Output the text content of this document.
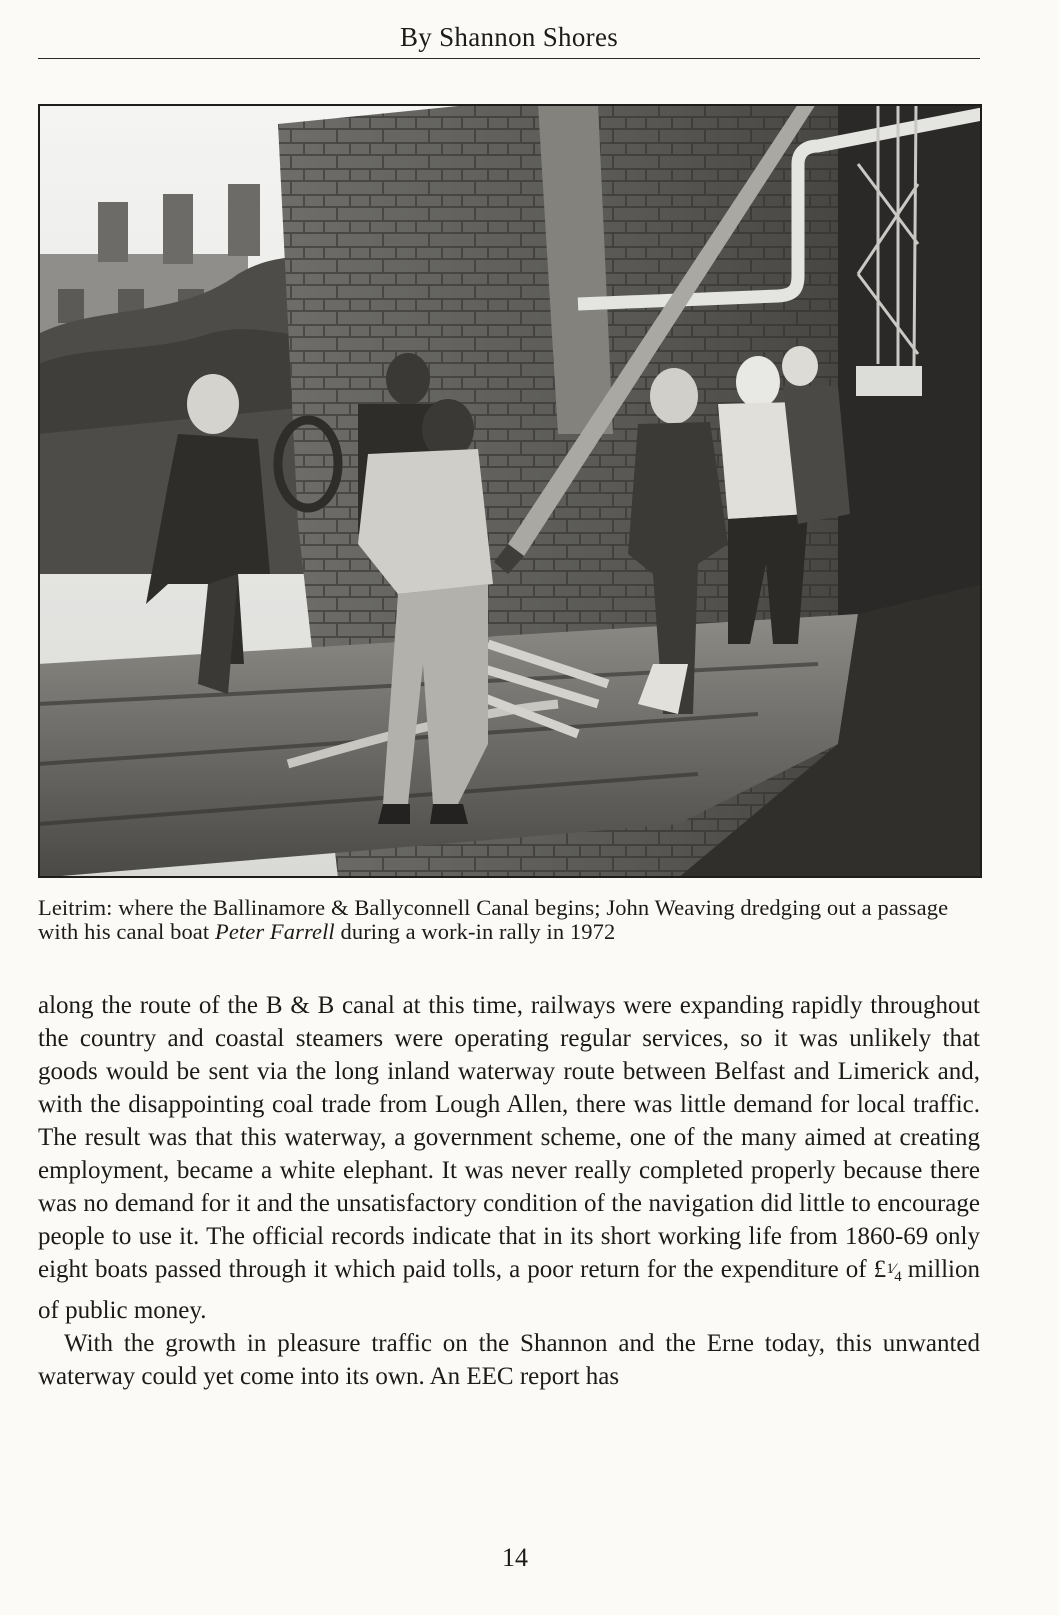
By Shannon Shores
Leitrim: where the Ballinamore & Ballyconnell Canal begins; John Weaving dredging out a passage with his canal boat Peter Farrell during a work-in rally in 1972

along the route of the B & B canal at this time, railways were expanding rapidly throughout the country and coastal steamers were operating regular services, so it was unlikely that goods would be sent via the long inland waterway route between Belfast and Limerick and, with the disappointing coal trade from Lough Allen, there was little demand for local traffic. The result was that this waterway, a government scheme, one of the many aimed at creating employment, became a white elephant. It was never really completed properly because there was no demand for it and the unsatisfactory condition of the navigation did little to encourage people to use it. The official records indicate that in its short working life from 1860-69 only eight boats passed through it which paid tolls, a poor return for the expenditure of £1⁄4 million of public money.

With the growth in pleasure traffic on the Shannon and the Erne today, this unwanted waterway could yet come into its own. An EEC report has

14
